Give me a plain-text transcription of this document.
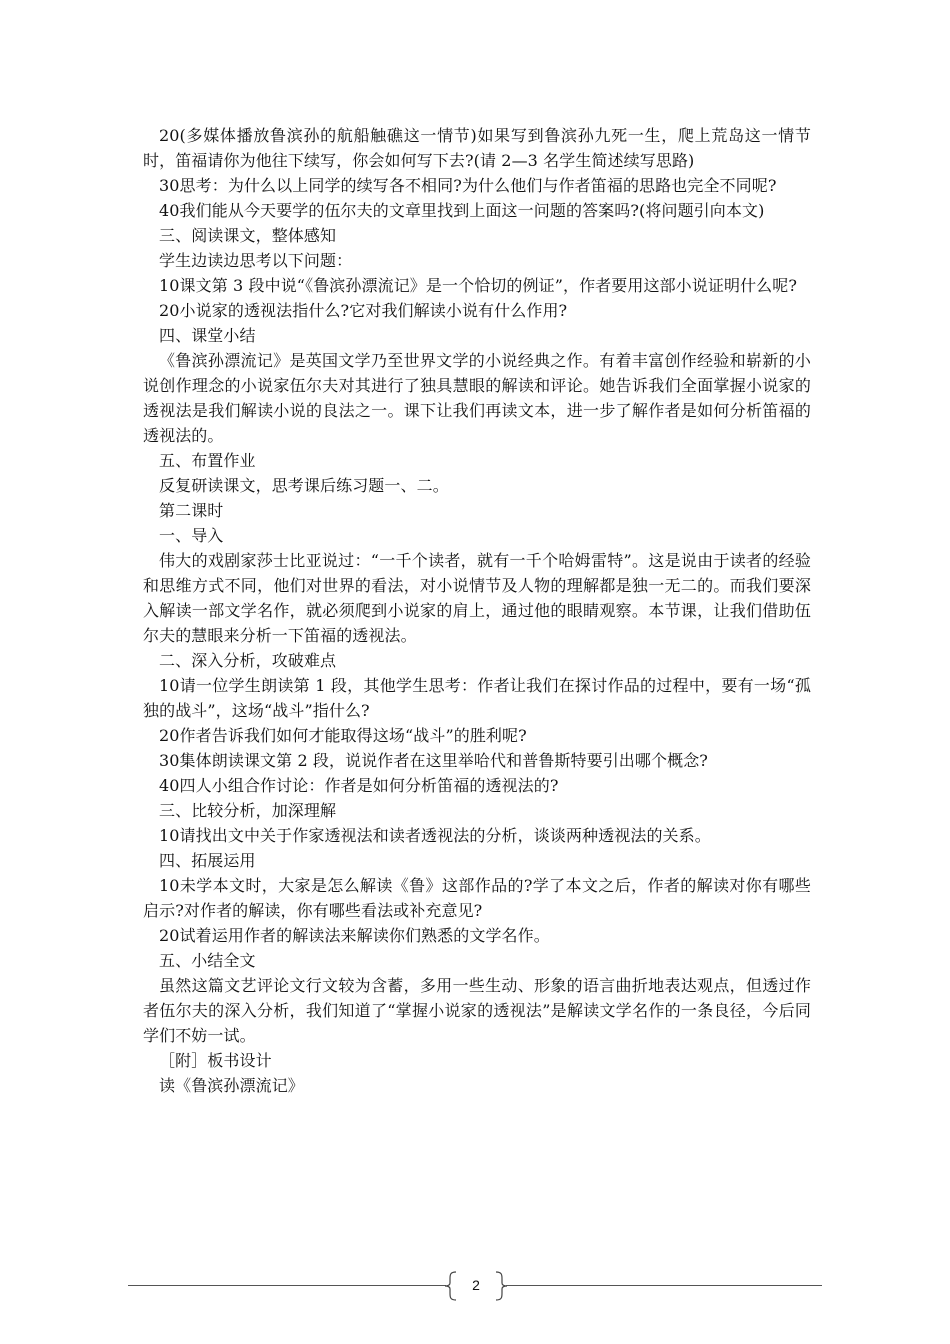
20(多媒体播放鲁滨孙的航船触礁这一情节)如果写到鲁滨孙九死一生，爬上荒岛这一情节时，笛福请你为他往下续写，你会如何写下去?(请 2—3 名学生简述续写思路)

30思考：为什么以上同学的续写各不相同?为什么他们与作者笛福的思路也完全不同呢?

40我们能从今天要学的伍尔夫的文章里找到上面这一问题的答案吗?(将问题引向本文)

三、阅读课文，整体感知

学生边读边思考以下问题：

10课文第 3 段中说“《鲁滨孙漂流记》是一个恰切的例证”，作者要用这部小说证明什么呢?

20小说家的透视法指什么?它对我们解读小说有什么作用?

四、课堂小结

《鲁滨孙漂流记》是英国文学乃至世界文学的小说经典之作。有着丰富创作经验和崭新的小说创作理念的小说家伍尔夫对其进行了独具慧眼的解读和评论。她告诉我们全面掌握小说家的透视法是我们解读小说的良法之一。课下让我们再读文本，进一步了解作者是如何分析笛福的透视法的。

五、布置作业

反复研读课文，思考课后练习题一、二。

第二课时

一、导入

伟大的戏剧家莎士比亚说过：“一千个读者，就有一千个哈姆雷特”。这是说由于读者的经验和思维方式不同，他们对世界的看法，对小说情节及人物的理解都是独一无二的。而我们要深入解读一部文学名作，就必须爬到小说家的肩上，通过他的眼睛观察。本节课，让我们借助伍尔夫的慧眼来分析一下笛福的透视法。

二、深入分析，攻破难点

10请一位学生朗读第 1 段，其他学生思考：作者让我们在探讨作品的过程中，要有一场“孤独的战斗”，这场“战斗”指什么?

20作者告诉我们如何才能取得这场“战斗”的胜利呢?

30集体朗读课文第 2 段，说说作者在这里举哈代和普鲁斯特要引出哪个概念?

40四人小组合作讨论：作者是如何分析笛福的透视法的?

三、比较分析，加深理解

10请找出文中关于作家透视法和读者透视法的分析，谈谈两种透视法的关系。

四、拓展运用

10未学本文时，大家是怎么解读《鲁》这部作品的?学了本文之后，作者的解读对你有哪些启示?对作者的解读，你有哪些看法或补充意见?

20试着运用作者的解读法来解读你们熟悉的文学名作。

五、小结全文

虽然这篇文艺评论文行文较为含蓄，多用一些生动、形象的语言曲折地表达观点，但透过作者伍尔夫的深入分析，我们知道了“掌握小说家的透视法”是解读文学名作的一条良径，今后同学们不妨一试。

［附］板书设计

读《鲁滨孙漂流记》

2
